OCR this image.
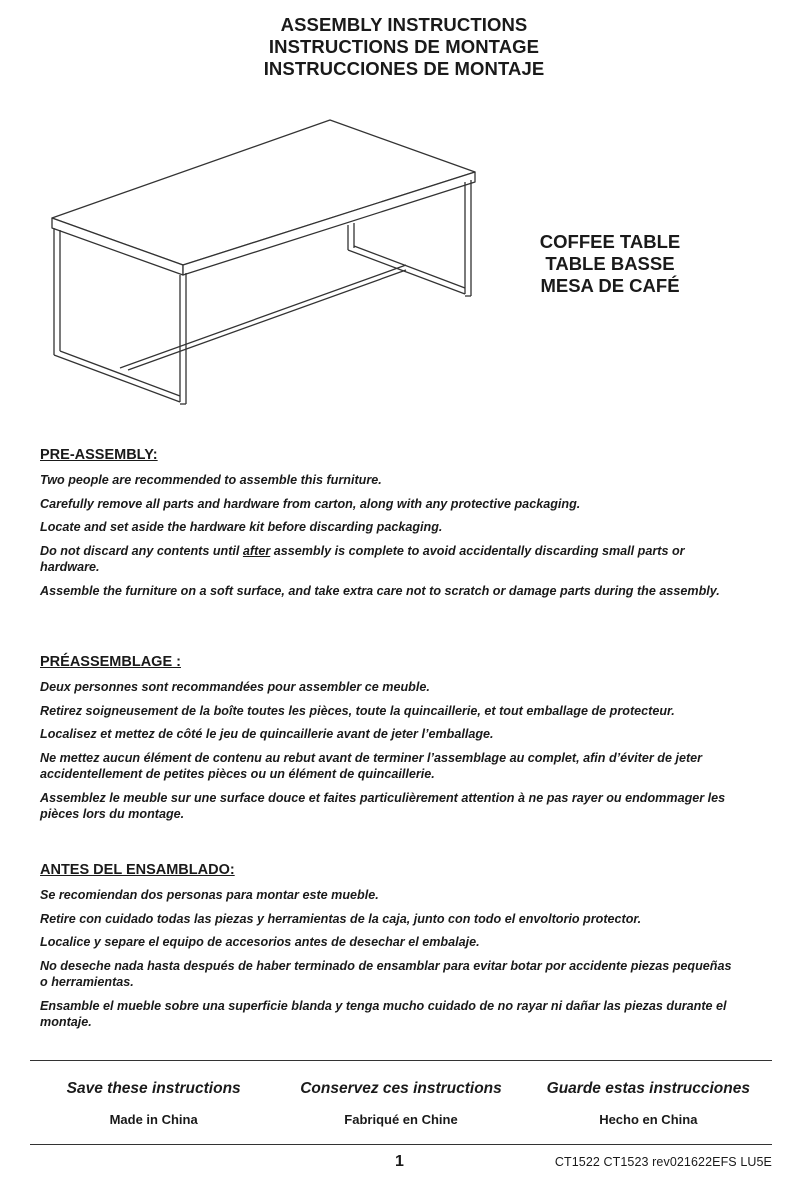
ASSEMBLY INSTRUCTIONS
INSTRUCTIONS DE MONTAGE
INSTRUCCIONES DE MONTAJE
COFFEE TABLE
TABLE BASSE
MESA DE CAFÉ
PRE-ASSEMBLY:

Two people are recommended to assemble this furniture.

Carefully remove all parts and hardware from carton, along with any protective packaging.

Locate and set aside the hardware kit before discarding packaging.

Do not discard any contents until after assembly is complete to avoid accidentally discarding small parts or hardware.

Assemble the furniture on a soft surface, and take extra care not to scratch or damage parts during the assembly.

PRÉASSEMBLAGE :

Deux personnes sont recommandées pour assembler ce meuble.

Retirez soigneusement de la boîte toutes les pièces, toute la quincaillerie, et tout emballage de protecteur.

Localisez et mettez de côté le jeu de quincaillerie avant de jeter l’emballage.

Ne mettez aucun élément de contenu au rebut avant de terminer l’assemblage au complet, afin d’éviter de jeter accidentellement de petites pièces ou un élément de quincaillerie.

Assemblez le meuble sur une surface douce et faites particulièrement attention à ne pas rayer ou endommager les pièces lors du montage.

ANTES DEL ENSAMBLADO:

Se recomiendan dos personas para montar este mueble.

Retire con cuidado todas las piezas y herramientas de la caja, junto con todo el envoltorio protector.

Localice y separe el equipo de accesorios antes de desechar el embalaje.

No deseche nada hasta después de haber terminado de ensamblar para evitar botar por accidente piezas pequeñas o herramientas.

Ensamble el mueble sobre una superficie blanda y tenga mucho cuidado de no rayar ni dañar las piezas durante el montaje.

Save these instructions	Conservez ces instructions	Guarde estas instrucciones
Made in China	Fabriqué en Chine	Hecho en China
1	CT1522 CT1523 rev021622EFS LU5E
